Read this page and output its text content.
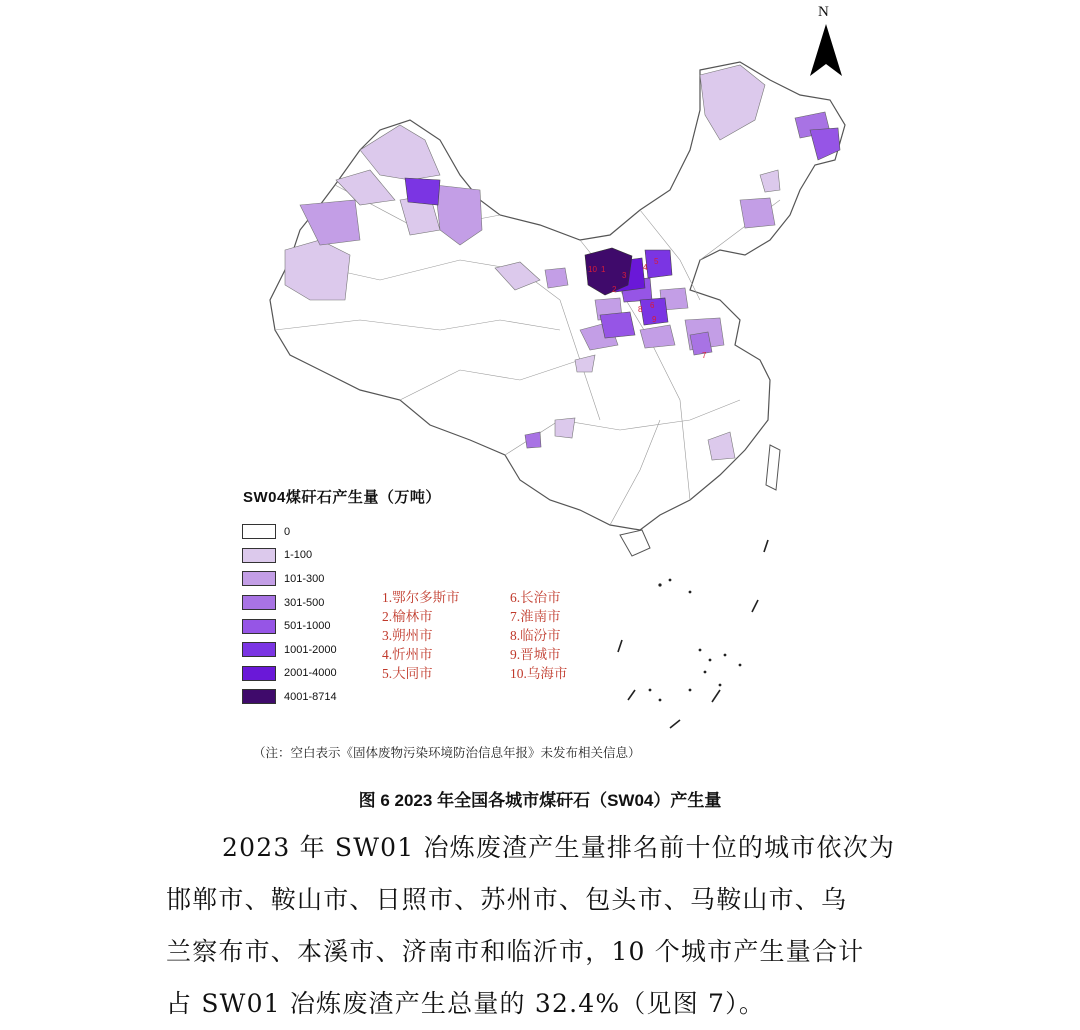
10 1
5
4
3
2
6
9
8
7
N
SW04煤矸石产生量（万吨）
0
1-100
101-300
301-500
501-1000
1001-2000
2001-4000
4001-8714
1.鄂尔多斯市	6.长治市
2.榆林市	7.淮南市
3.朔州市	8.临汾市
4.忻州市	9.晋城市
5.大同市	10.乌海市
（注：空白表示《固体废物污染环境防治信息年报》未发布相关信息）
图 6 2023 年全国各城市煤矸石（SW04）产生量

2023 年 SW01 冶炼废渣产生量排名前十位的城市依次为

邯郸市、鞍山市、日照市、苏州市、包头市、马鞍山市、乌

兰察布市、本溪市、济南市和临沂市，10 个城市产生量合计

占 SW01 冶炼废渣产生总量的 32.4%（见图 7）。
